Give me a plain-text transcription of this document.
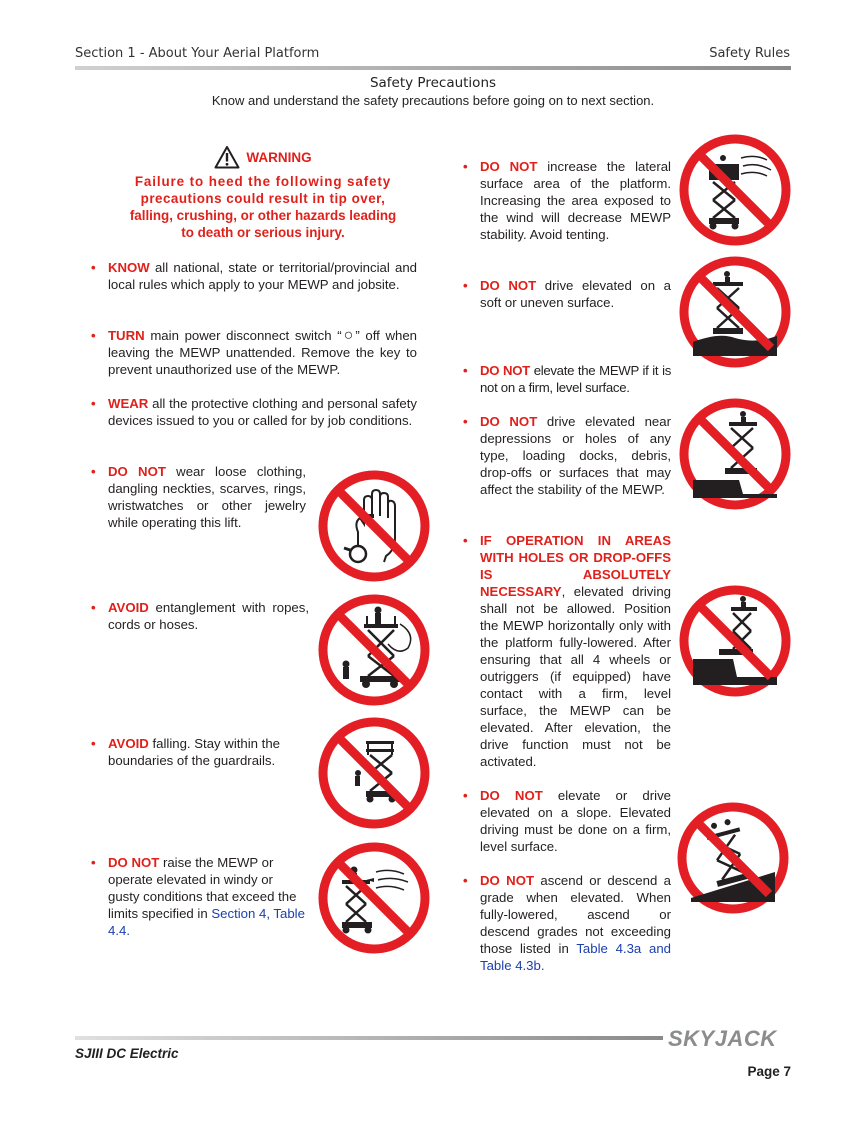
Section 1 - About Your Aerial Platform	Safety Rules
Safety Precautions
Know and understand the safety precautions before going on to next section.
WARNING

Failure to heed the following safety

precautions could result in tip over,

falling, crushing, or other hazards leading

to death or serious injury.

• KNOW all national, state or territorial/provincial and local rules which apply to your MEWP and jobsite.
• TURN main power disconnect switch “○” off when leaving the MEWP unattended. Remove the key to prevent unauthorized use of the MEWP.
• WEAR all the protective clothing and personal safety devices issued to you or called for by job conditions.
• DO NOT wear loose clothing, dangling neckties, scarves, rings, wristwatches or other jewelry while operating this lift.
• AVOID entanglement with ropes, cords or hoses.
• AVOID falling. Stay within the boundaries of the guardrails.
• DO NOT raise the MEWP or operate elevated in windy or gusty conditions that exceed the limits specified in Section 4, Table 4.4.
• DO NOT increase the lateral surface area of the platform. Increasing the area exposed to the wind will decrease MEWP stability. Avoid tenting.
• DO NOT drive elevated on a soft or uneven surface.
• DO NOT elevate the MEWP if it is not on a firm, level surface.
• DO NOT drive elevated near depressions or holes of any type, loading docks, debris, drop-offs or surfaces that may affect the stability of the MEWP.
• IF OPERATION IN AREAS WITH HOLES OR DROP-OFFS IS ABSOLUTELY NECESSARY, elevated driving shall not be allowed. Position the MEWP horizontally only with the platform fully-lowered. After ensuring that all 4 wheels or outriggers (if equipped) have contact with a firm, level surface, the MEWP can be elevated. After elevation, the drive function must not be activated.
• DO NOT elevate or drive elevated on a slope. Elevated driving must be done on a firm, level surface.
• DO NOT ascend or descend a grade when elevated. When fully-lowered, ascend or descend grades not exceeding those listed in Table 4.3a and Table 4.3b.
SJIII DC Electric
SKYJACK
Page 7
